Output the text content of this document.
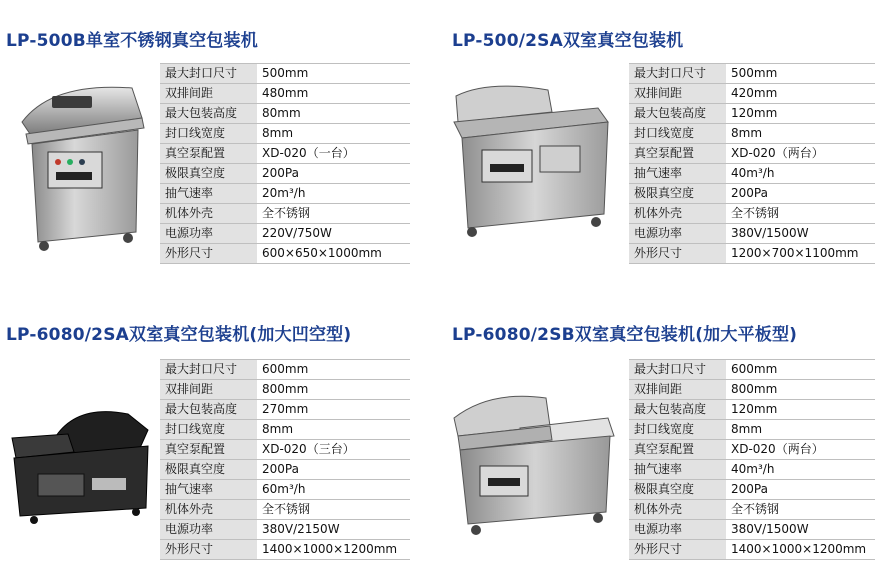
LP-500B单室不锈钢真空包装机
最大封口尺寸	500mm
双排间距	480mm
最大包装高度	80mm
封口线宽度	8mm
真空泵配置	XD-020（一台）
极限真空度	200Pa
抽气速率	20m³/h
机体外壳	全不锈钢
电源功率	220V/750W
外形尺寸	600×650×1000mm
LP-500/2SA双室真空包装机
最大封口尺寸	500mm
双排间距	420mm
最大包装高度	120mm
封口线宽度	8mm
真空泵配置	XD-020（两台）
抽气速率	40m³/h
极限真空度	200Pa
机体外壳	全不锈钢
电源功率	380V/1500W
外形尺寸	1200×700×1100mm
LP-6080/2SA双室真空包装机(加大凹空型)
最大封口尺寸	600mm
双排间距	800mm
最大包装高度	270mm
封口线宽度	8mm
真空泵配置	XD-020（三台）
极限真空度	200Pa
抽气速率	60m³/h
机体外壳	全不锈钢
电源功率	380V/2150W
外形尺寸	1400×1000×1200mm
LP-6080/2SB双室真空包装机(加大平板型)
最大封口尺寸	600mm
双排间距	800mm
最大包装高度	120mm
封口线宽度	8mm
真空泵配置	XD-020（两台）
抽气速率	40m³/h
极限真空度	200Pa
机体外壳	全不锈钢
电源功率	380V/1500W
外形尺寸	1400×1000×1200mm
